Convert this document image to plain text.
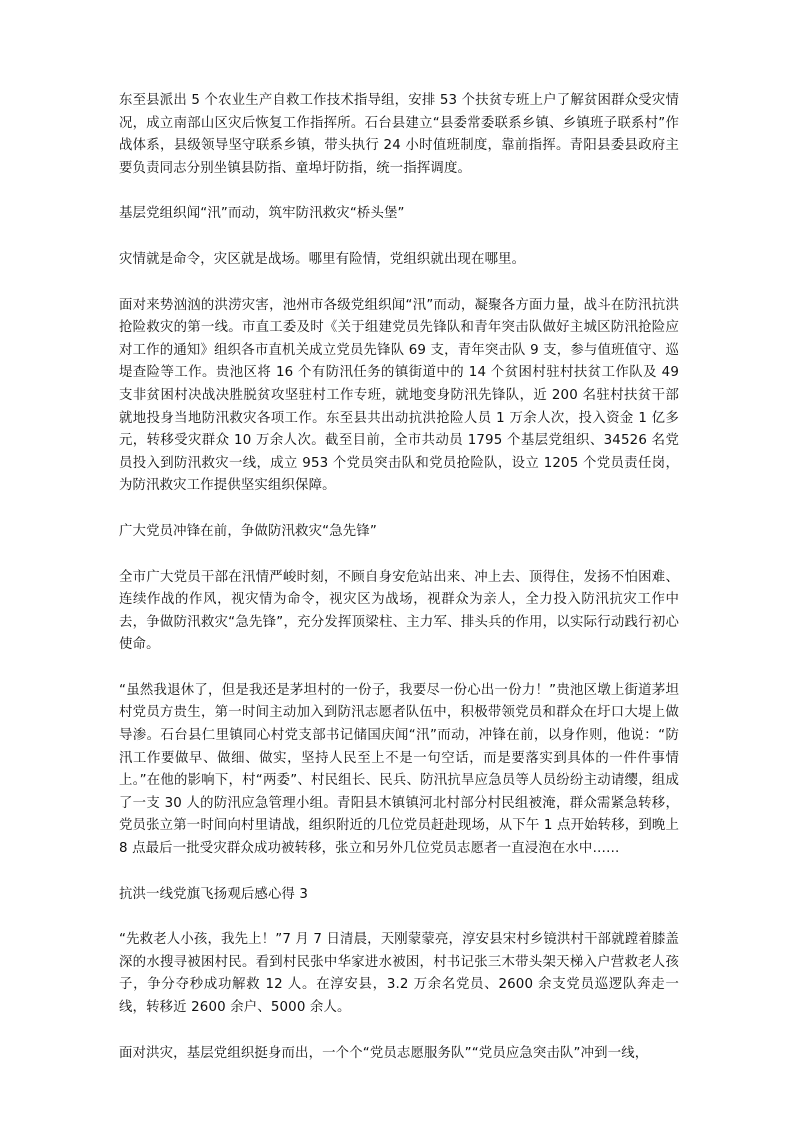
东至县派出 5 个农业生产自救工作技术指导组，安排 53 个扶贫专班上户了解贫困群众受灾情况，成立南部山区灾后恢复工作指挥所。石台县建立“县委常委联系乡镇、乡镇班子联系村”作战体系，县级领导坚守联系乡镇，带头执行 24 小时值班制度，靠前指挥。青阳县委县政府主要负责同志分别坐镇县防指、童埠圩防指，统一指挥调度。

基层党组织闻“汛”而动，筑牢防汛救灾“桥头堡”

灾情就是命令，灾区就是战场。哪里有险情，党组织就出现在哪里。

面对来势汹汹的洪涝灾害，池州市各级党组织闻“汛”而动，凝聚各方面力量，战斗在防汛抗洪抢险救灾的第一线。市直工委及时《关于组建党员先锋队和青年突击队做好主城区防汛抢险应对工作的通知》组织各市直机关成立党员先锋队 69 支，青年突击队 9 支，参与值班值守、巡堤查险等工作。贵池区将 16 个有防汛任务的镇街道中的 14 个贫困村驻村扶贫工作队及 49 支非贫困村决战决胜脱贫攻坚驻村工作专班，就地变身防汛先锋队，近 200 名驻村扶贫干部就地投身当地防汛救灾各项工作。东至县共出动抗洪抢险人员 1 万余人次，投入资金 1 亿多元，转移受灾群众 10 万余人次。截至目前，全市共动员 1795 个基层党组织、34526 名党员投入到防汛救灾一线，成立 953 个党员突击队和党员抢险队，设立 1205 个党员责任岗，为防汛救灾工作提供坚实组织保障。

广大党员冲锋在前，争做防汛救灾“急先锋”

全市广大党员干部在汛情严峻时刻，不顾自身安危站出来、冲上去、顶得住，发扬不怕困难、连续作战的作风，视灾情为命令，视灾区为战场，视群众为亲人，全力投入防汛抗灾工作中去，争做防汛救灾“急先锋”，充分发挥顶梁柱、主力军、排头兵的作用，以实际行动践行初心使命。

“虽然我退休了，但是我还是茅坦村的一份子，我要尽一份心出一份力！”贵池区墩上街道茅坦村党员方贵生，第一时间主动加入到防汛志愿者队伍中，积极带领党员和群众在圩口大堤上做导渗。石台县仁里镇同心村党支部书记储国庆闻“汛”而动，冲锋在前，以身作则，他说：“防汛工作要做早、做细、做实，坚持人民至上不是一句空话，而是要落实到具体的一件件事情上。”在他的影响下，村“两委”、村民组长、民兵、防汛抗旱应急员等人员纷纷主动请缨，组成了一支 30 人的防汛应急管理小组。青阳县木镇镇河北村部分村民组被淹，群众需紧急转移，党员张立第一时间向村里请战，组织附近的几位党员赶赴现场，从下午 1 点开始转移，到晚上 8 点最后一批受灾群众成功被转移，张立和另外几位党员志愿者一直浸泡在水中……

抗洪一线党旗飞扬观后感心得 3

“先救老人小孩，我先上！”7 月 7 日清晨，天刚蒙蒙亮，淳安县宋村乡镜洪村干部就蹚着膝盖深的水搜寻被困村民。看到村民张中华家进水被困，村书记张三木带头架天梯入户营救老人孩子，争分夺秒成功解救 12 人。在淳安县，3.2 万余名党员、2600 余支党员巡逻队奔走一线，转移近 2600 余户、5000 余人。

面对洪灾，基层党组织挺身而出，一个个“党员志愿服务队”“党员应急突击队”冲到一线，
